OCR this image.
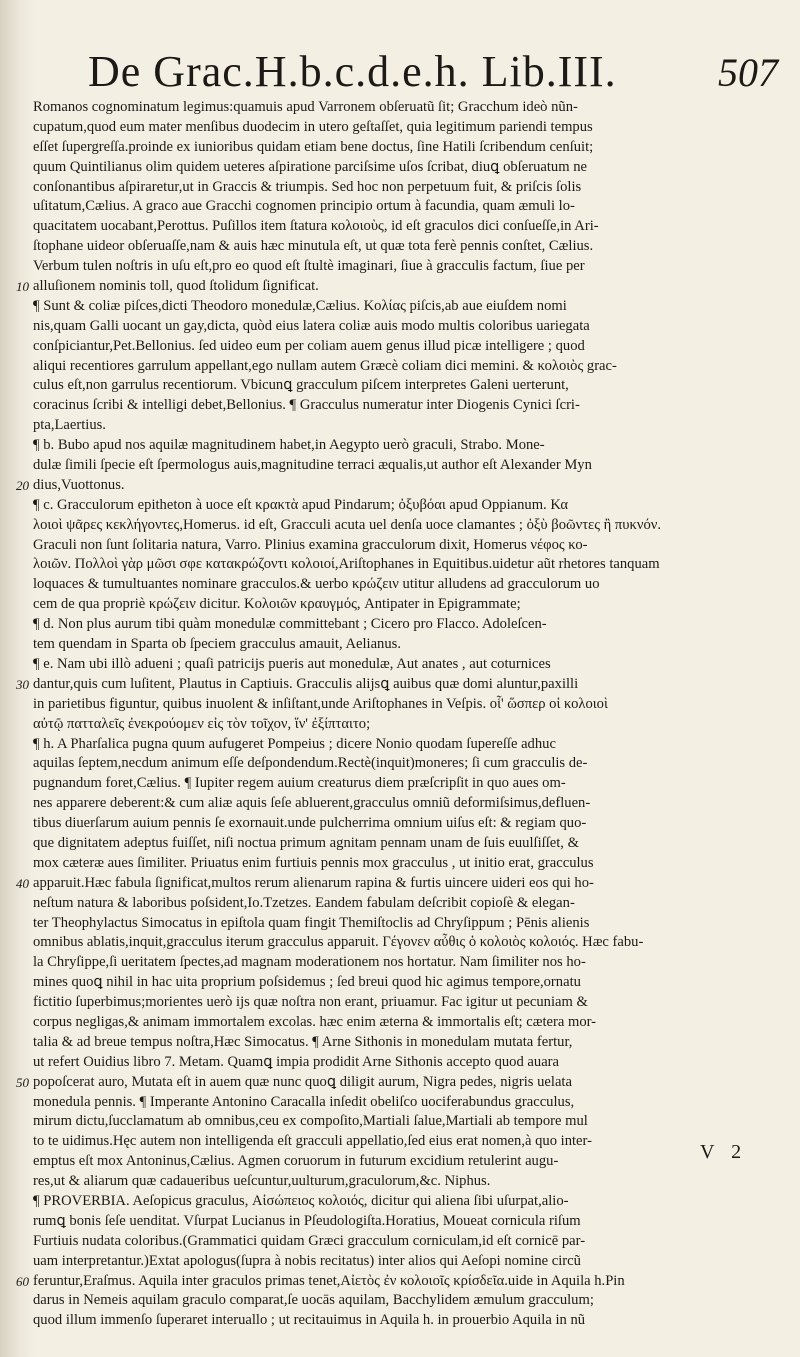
De Grac.H.b.c.d.e.h. Lib.III.	507
Romanos cognominatum legimus:quamuis apud Varronem obſeruatũ ſit; Gracchum ideò nũn-
cupatum,quod eum mater menſibus duodecim in utero geſtaſſet, quia legitimum pariendi tempus
eſſet ſupergreſſa.proinde ex iunioribus quidam etiam bene doctus, ſine Hatili ſcribendum cenſuit;
quum Quintilianus olim quidem ueteres aſpiratione parciſsime uſos ſcribat, diuꝗ obſeruatum ne
conſonantibus aſpiraretur,ut in Graccis & triumpis. Sed hoc non perpetuum fuit, & priſcis ſolis
uſitatum,Cælius. A graco aue Gracchi cognomen principio ortum à facundia, quam æmuli lo-
quacitatem uocabant,Perottus. Puſillos item ſtatura κολοιοὺς, id eſt graculos dici conſueſſe,in Ari-
ſtophane uideor obſeruaſſe,nam & auis hæc minutula eſt, ut quæ tota ferè pennis conſtet, Cælius.
Verbum tulen noſtris in uſu eſt,pro eo quod eſt ſtultè imaginari, ſiue à gracculis factum, ſiue per
10 alluſionem nominis toll, quod ſtolidum ſignificat.
¶ Sunt & coliæ piſces,dicti Theodoro monedulæ,Cælius. Κολίας piſcis,ab aue eiuſdem nomi
nis,quam Galli uocant un gay,dicta, quòd eius latera coliæ auis modo multis coloribus uariegata
conſpiciantur,Pet.Bellonius. ſed uideo eum per coliam auem genus illud picæ intelligere ; quod
aliqui recentiores garrulum appellant,ego nullam autem Græcè coliam dici memini. & κολοιὸς grac-
culus eſt,non garrulus recentiorum. Vbicunꝗ gracculum piſcem interpretes Galeni uerterunt,
coracinus ſcribi & intelligi debet,Bellonius. ¶ Gracculus numeratur inter Diogenis Cynici ſcri-
pta,Laertius.
¶ b. Bubo apud nos aquilæ magnitudinem habet,in Aegypto uerò graculi, Strabo. Mone-
dulæ ſimili ſpecie eſt ſpermologus auis,magnitudine terraci æqualis,ut author eſt Alexander Myn
20 dius,Vuottonus.
¶ c. Gracculorum epitheton à uoce eſt κρακτὰ apud Pindarum; ὀξυβόαι apud Oppianum. Κα
λοιοὶ ψᾶρες κεκλήγοντες,Homerus. id eſt, Gracculi acuta uel denſa uoce clamantes ; ὀξὺ βοῶντες ἢ πυκνόν.
Graculi non ſunt ſolitaria natura, Varro. Plinius examina gracculorum dixit, Homerus νέφος κο-
λοιῶν. Πολλοὶ γὰρ μῶσι σφε κατακρώζοντι κολοιοί,Ariſtophanes in Equitibus.uidetur aũt rhetores tanquam
loquaces & tumultuantes nominare gracculos.& uerbo κρώζειν utitur alludens ad gracculorum uo
cem de qua propriè κρώζειν dicitur. Κολοιῶν κραυγμός, Antipater in Epigrammate;
¶ d. Non plus aurum tibi quàm monedulæ committebant ; Cicero pro Flacco. Adoleſcen-
tem quendam in Sparta ob ſpeciem gracculus amauit, Aelianus.
¶ e. Nam ubi illò adueni ; quaſi patricijs pueris aut monedulæ, Aut anates , aut coturnices
30 dantur,quis cum luſitent, Plautus in Captiuis. Gracculis alijsꝗ auibus quæ domi aluntur,paxilli
in parietibus figuntur, quibus inuolent & inſiſtant,unde Ariſtophanes in Veſpis. οἷ' ὥσπερ οἱ κολοιοὶ
αὐτῷ πατταλεῖς ἐνεκρούομεν εἰς τὸν τοῖχον, ἵν' ἐξίπταιτο;
¶ h. A Pharſalica pugna quum aufugeret Pompeius ; dicere Nonio quodam ſupereſſe adhuc
aquilas ſeptem,necdum animum eſſe deſpondendum.Rectè(inquit)moneres; ſi cum gracculis de-
pugnandum foret,Cælius. ¶ Iupiter regem auium creaturus diem præſcripſit in quo aues om-
nes apparere deberent:& cum aliæ aquis ſeſe abluerent,gracculus omniũ deformiſsimus,defluen-
tibus diuerſarum auium pennis ſe exornauit.unde pulcherrima omnium uiſus eſt: & regiam quo-
que dignitatem adeptus fuiſſet, niſi noctua primum agnitam pennam unam de ſuis euulſiſſet, &
mox cæteræ aues ſimiliter. Priuatus enim furtiuis pennis mox gracculus , ut initio erat, gracculus
40 apparuit.Hæc fabula ſignificat,multos rerum alienarum rapina & furtis uincere uideri eos qui ho-
neſtum natura & laboribus poſsident,Io.Tzetzes. Eandem fabulam deſcribit copioſè & elegan-
ter Theophylactus Simocatus in epiſtola quam fingit Themiſtoclis ad Chryſippum ; Pēnis alienis
omnibus ablatis,inquit,gracculus iterum gracculus apparuit. Γέγονεν αὖθις ὁ κολοιὸς κολοιός. Hæc fabu-
la Chryſippe,ſi ueritatem ſpectes,ad magnam moderationem nos hortatur. Nam ſimiliter nos ho-
mines quoꝗ nihil in hac uita proprium poſsidemus ; ſed breui quod hic agimus tempore,ornatu
fictitio ſuperbimus;morientes uerò ijs quæ noſtra non erant, priuamur. Fac igitur ut pecuniam &
corpus negligas,& animam immortalem excolas. hæc enim æterna & immortalis eſt; cætera mor-
talia & ad breue tempus noſtra,Hæc Simocatus. ¶ Arne Sithonis in monedulam mutata fertur,
ut refert Ouidius libro 7. Metam. Quamꝗ impia prodidit Arne Sithonis accepto quod auara
50 popoſcerat auro, Mutata eſt in auem quæ nunc quoꝗ diligit aurum, Nigra pedes, nigris uelata
monedula pennis. ¶ Imperante Antonino Caracalla inſedit obeliſco uociferabundus gracculus,
mirum dictu,ſucclamatum ab omnibus,ceu ex compoſito,Martiali ſalue,Martiali ab tempore mul
to te uidimus.Hęc autem non intelligenda eſt gracculi appellatio,ſed eius erat nomen,à quo inter-
emptus eſt mox Antoninus,Cælius. Agmen coruorum in futurum excidium retulerint augu-
res,ut & aliarum quæ cadaueribus ueſcuntur,uulturum,graculorum,&c. Niphus.
¶ PROVERBIA. Aeſopicus graculus, Αἰσώπειος κολοιός, dicitur qui aliena ſibi uſurpat,alio-
rumꝗ bonis ſeſe uenditat. Vſurpat Lucianus in Pſeudologiſta.Horatius, Moueat cornicula riſum
Furtiuis nudata coloribus.(Grammatici quidam Græci gracculum corniculam,id eſt cornicē par-
uam interpretantur.)Extat apologus(ſupra à nobis recitatus) inter alios qui Aeſopi nomine circũ
60 feruntur,Eraſmus. Aquila inter graculos primas tenet,Αἰετὸς ἐν κολοιοῖς κρίσδεῖα.uide in Aquila h.Pin
darus in Nemeis aquilam graculo comparat,ſe uocās aquilam, Bacchylidem æmulum gracculum;
quod illum immenſo ſuperaret interuallo ; ut recitauimus in Aquila h. in prouerbio Aquila in nũ
V 2
